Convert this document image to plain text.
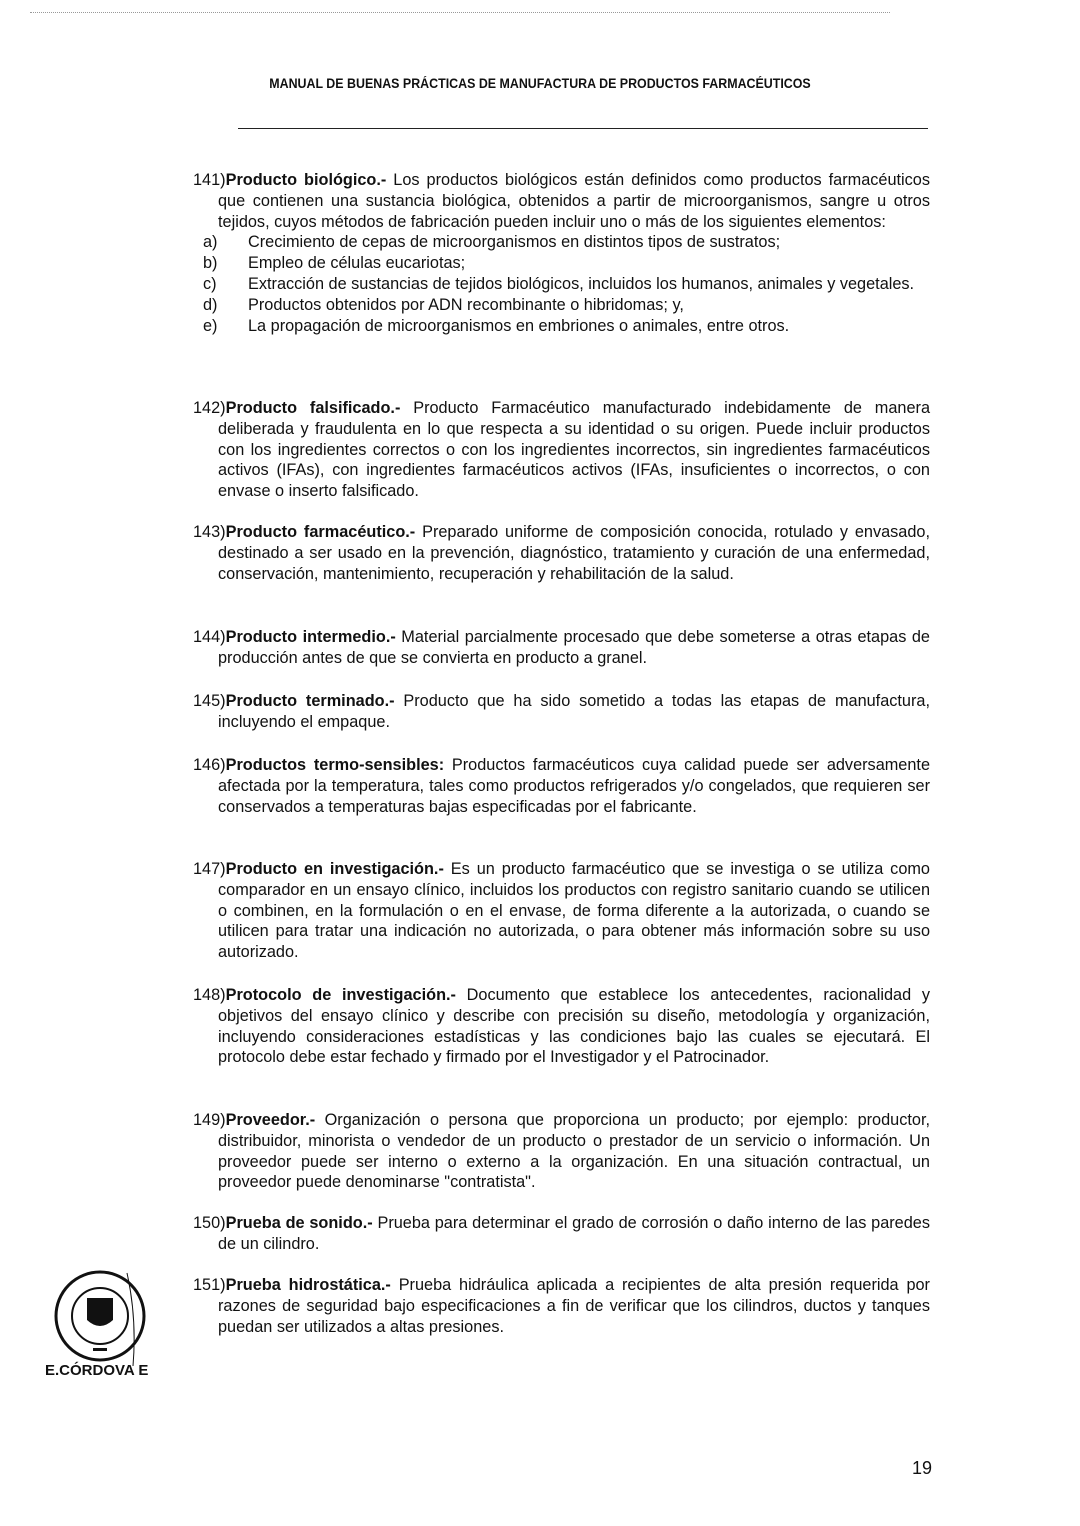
MANUAL DE BUENAS PRÁCTICAS DE MANUFACTURA DE PRODUCTOS FARMACÉUTICOS
141)Producto biológico.- Los productos biológicos están definidos como productos farmacéuticos que contienen una sustancia biológica, obtenidos a partir de microorganismos, sangre u otros tejidos, cuyos métodos de fabricación pueden incluir uno o más de los siguientes elementos:
a) Crecimiento de cepas de microorganismos en distintos tipos de sustratos;
b) Empleo de células eucariotas;
c) Extracción de sustancias de tejidos biológicos, incluidos los humanos, animales y vegetales.
d) Productos obtenidos por ADN recombinante o hibridomas; y,
e) La propagación de microorganismos en embriones o animales, entre otros.
142)Producto falsificado.- Producto Farmacéutico manufacturado indebidamente de manera deliberada y fraudulenta en lo que respecta a su identidad o su origen. Puede incluir productos con los ingredientes correctos o con los ingredientes incorrectos, sin ingredientes farmacéuticos activos (IFAs), con ingredientes farmacéuticos activos (IFAs, insuficientes o incorrectos, o con envase o inserto falsificado.
143)Producto farmacéutico.- Preparado uniforme de composición conocida, rotulado y envasado, destinado a ser usado en la prevención, diagnóstico, tratamiento y curación de una enfermedad, conservación, mantenimiento, recuperación y rehabilitación de la salud.
144)Producto intermedio.- Material parcialmente procesado que debe someterse a otras etapas de producción antes de que se convierta en producto a granel.
145)Producto terminado.- Producto que ha sido sometido a todas las etapas de manufactura, incluyendo el empaque.
146)Productos termo-sensibles: Productos farmacéuticos cuya calidad puede ser adversamente afectada por la temperatura, tales como productos refrigerados y/o congelados, que requieren ser conservados a temperaturas bajas especificadas por el fabricante.
147)Producto en investigación.- Es un producto farmacéutico que se investiga o se utiliza como comparador en un ensayo clínico, incluidos los productos con registro sanitario cuando se utilicen o combinen, en la formulación o en el envase, de forma diferente a la autorizada, o cuando se utilicen para tratar una indicación no autorizada, o para obtener más información sobre su uso autorizado.
148)Protocolo de investigación.- Documento que establece los antecedentes, racionalidad y objetivos del ensayo clínico y describe con precisión su diseño, metodología y organización, incluyendo consideraciones estadísticas y las condiciones bajo las cuales se ejecutará. El protocolo debe estar fechado y firmado por el Investigador y el Patrocinador.
149)Proveedor.- Organización o persona que proporciona un producto; por ejemplo: productor, distribuidor, minorista o vendedor de un producto o prestador de un servicio o información. Un proveedor puede ser interno o externo a la organización. En una situación contractual, un proveedor puede denominarse "contratista".
150)Prueba de sonido.- Prueba para determinar el grado de corrosión o daño interno de las paredes de un cilindro.
151)Prueba hidrostática.- Prueba hidráulica aplicada a recipientes de alta presión requerida por razones de seguridad bajo especificaciones a fin de verificar que los cilindros, ductos y tanques puedan ser utilizados a altas presiones.
E.CÓRDOVA E
19
